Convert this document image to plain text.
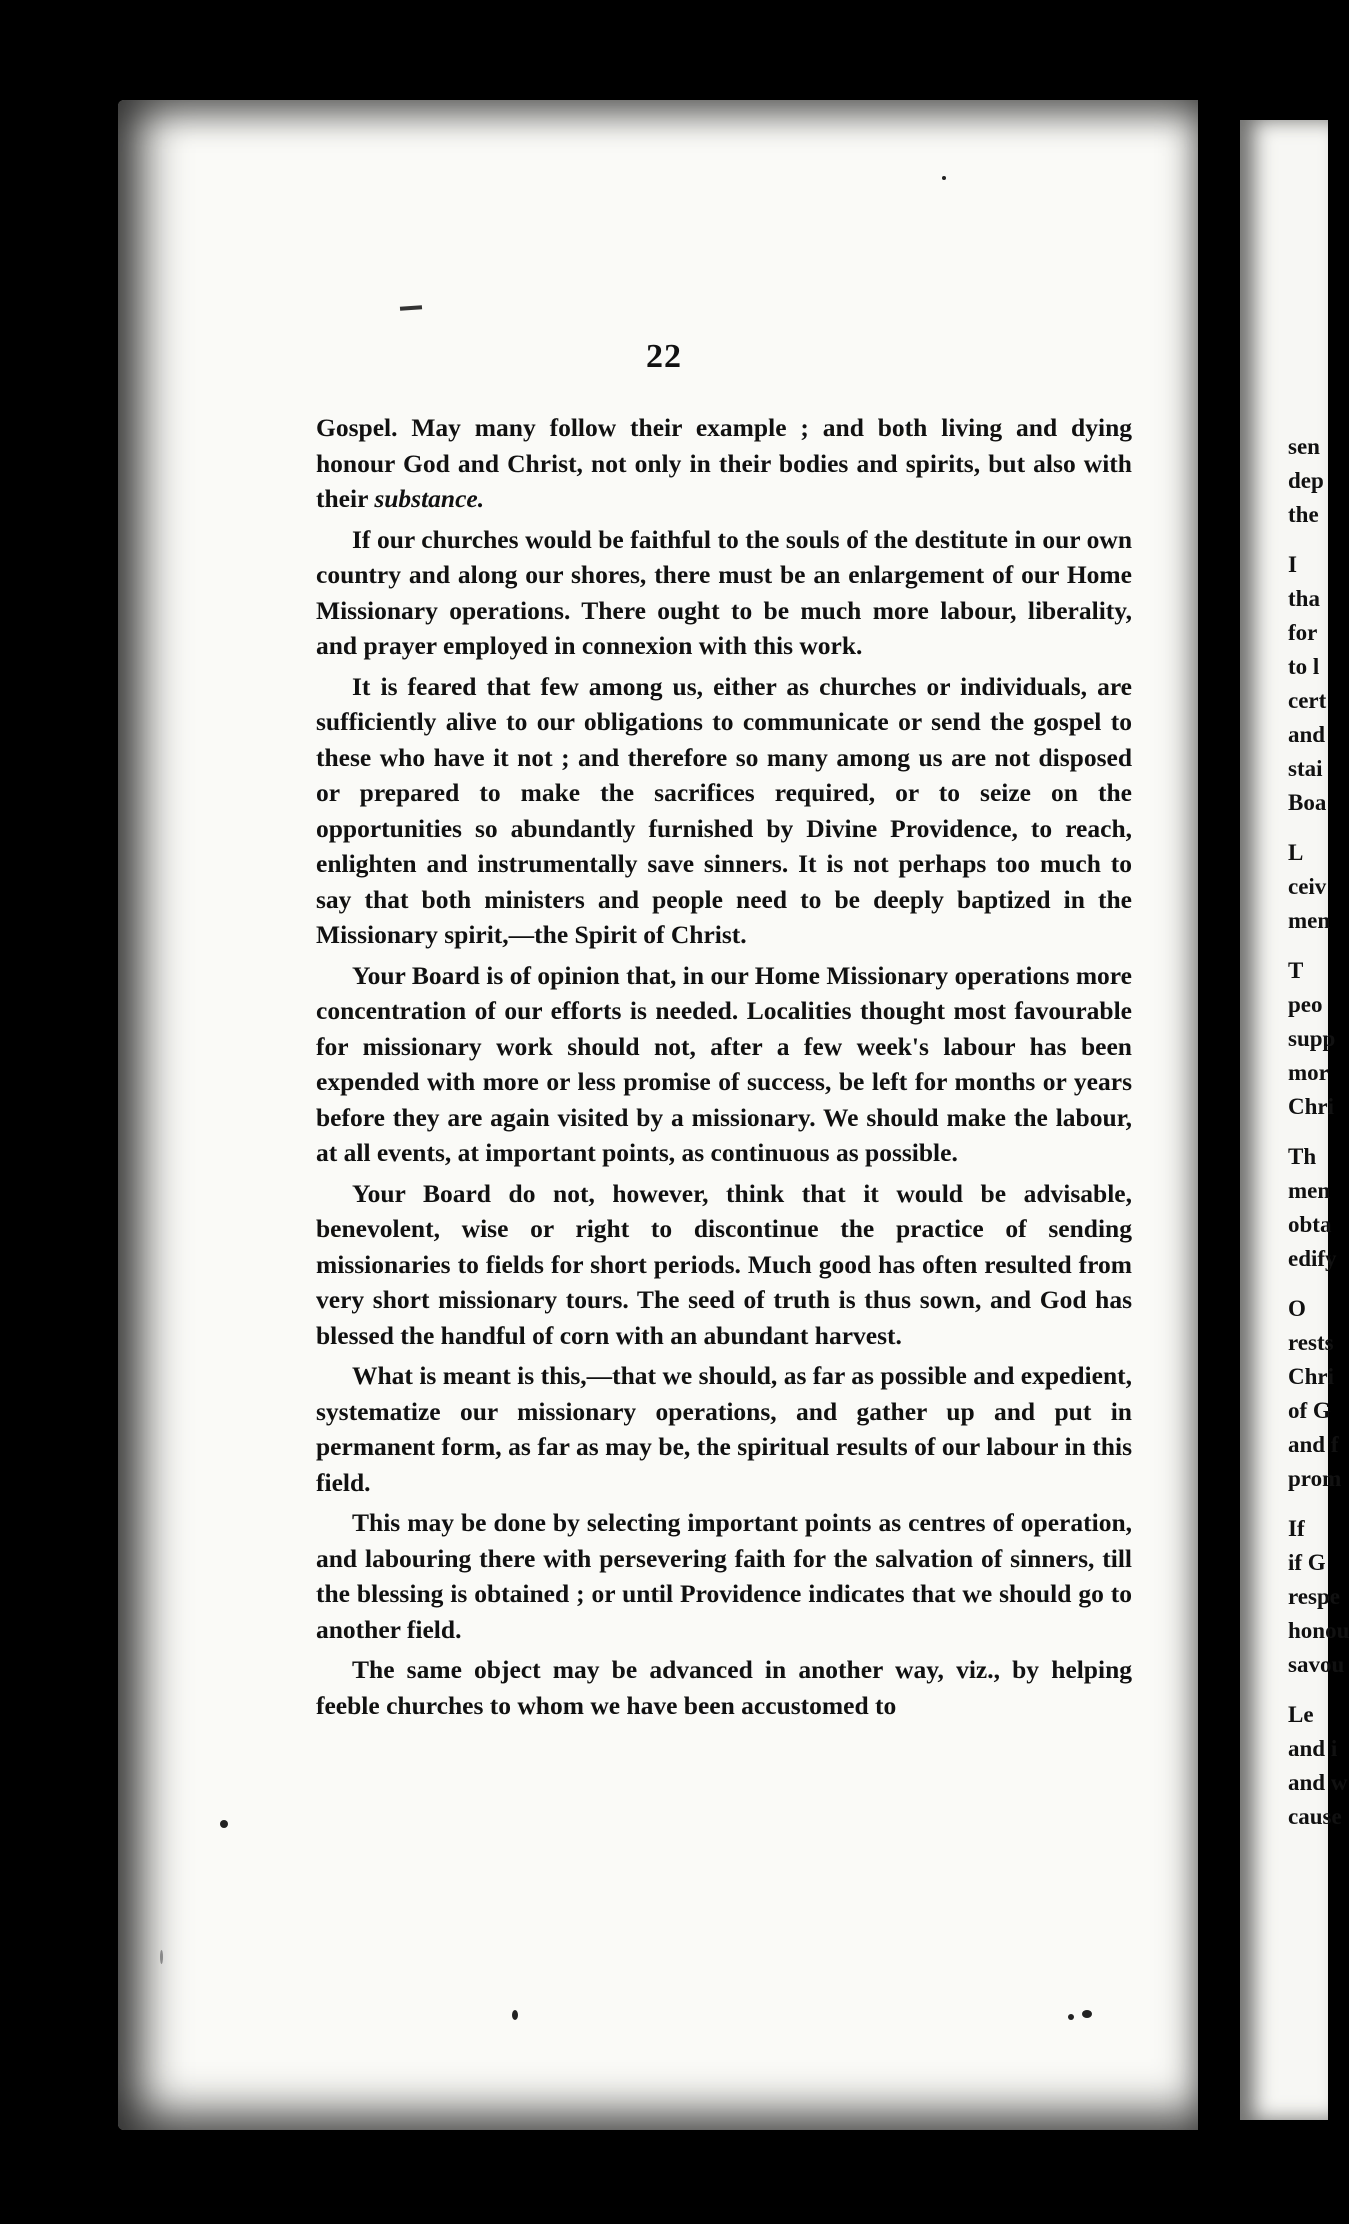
22

Gospel. May many follow their example ; and both living and dying honour God and Christ, not only in their bodies and spirits, but also with their substance.

If our churches would be faithful to the souls of the destitute in our own country and along our shores, there must be an enlargement of our Home Missionary operations. There ought to be much more labour, liberality, and prayer employed in connexion with this work.

It is feared that few among us, either as churches or individuals, are sufficiently alive to our obligations to communicate or send the gospel to these who have it not ; and therefore so many among us are not disposed or prepared to make the sacrifices required, or to seize on the opportunities so abundantly furnished by Divine Providence, to reach, enlighten and instrumentally save sinners. It is not perhaps too much to say that both ministers and people need to be deeply baptized in the Missionary spirit,—the Spirit of Christ.

Your Board is of opinion that, in our Home Missionary operations more concentration of our efforts is needed. Localities thought most favourable for missionary work should not, after a few week's labour has been expended with more or less promise of success, be left for months or years before they are again visited by a missionary. We should make the labour, at all events, at important points, as continuous as possible.

Your Board do not, however, think that it would be advisable, benevolent, wise or right to discontinue the practice of sending missionaries to fields for short periods. Much good has often resulted from very short missionary tours. The seed of truth is thus sown, and God has blessed the handful of corn with an abundant harvest.

What is meant is this,—that we should, as far as possible and expedient, systematize our missionary operations, and gather up and put in permanent form, as far as may be, the spiritual results of our labour in this field.

This may be done by selecting important points as centres of operation, and labouring there with persevering faith for the salvation of sinners, till the blessing is obtained ; or until Providence indicates that we should go to another field.

The same object may be advanced in another way, viz., by helping feeble churches to whom we have been accustomed to

sen
dep
the
I
tha
for
to l
cert
and
stai
Boa
L
ceiv
men
T
peo
supp
mor
Chri
Th
men
obta
edify
O
rests
Chri
of G
and f
prom
If
if G
respe
honou
savou
Le
and i
and w
cause
